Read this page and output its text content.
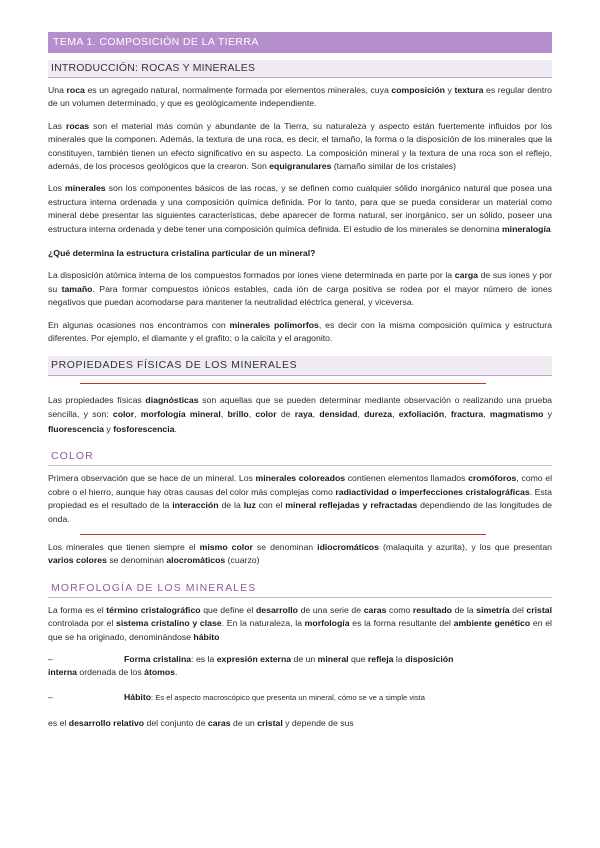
TEMA 1. COMPOSICIÓN DE LA TIERRA
INTRODUCCIÓN: ROCAS Y MINERALES

Una roca es un agregado natural, normalmente formada por elementos minerales, cuya composición y textura es regular dentro de un volumen determinado, y que es geológicamente independiente.

Las rocas son el material más común y abundante de la Tierra, su naturaleza y aspecto están fuertemente influidos por los minerales que la componen. Además, la textura de una roca, es decir, el tamaño, la forma o la disposición de los minerales que la constituyen, también tienen un efecto significativo en su aspecto. La composición mineral y la textura de una roca son el reflejo, además, de los procesos geológicos que la crearon. Son equigranulares (tamaño similar de los cristales)

Los minerales son los componentes básicos de las rocas, y se definen como cualquier sólido inorgánico natural que posea una estructura interna ordenada y una composición química definida. Por lo tanto, para que se pueda considerar un material como mineral debe presentar las siguientes características, debe aparecer de forma natural, ser inorgánico, ser un sólido, poseer una estructura interna ordenada y debe tener una composición química definida. El estudio de los minerales se denomina mineralogía

¿Qué determina la estructura cristalina particular de un mineral?

La disposición atómica interna de los compuestos formados por iones viene determinada en parte por la carga de sus iones y por su tamaño. Para formar compuestos iónicos estables, cada ión de carga positiva se rodea por el mayor número de iones negativos que puedan acomodarse para mantener la neutralidad eléctrica general, y viceversa.

En algunas ocasiones nos encontramos con minerales polimorfos, es decir con la misma composición química y estructura diferentes. Por ejemplo, el diamante y el grafito; o la calcita y el aragonito.

PROPIEDADES FÍSICAS DE LOS MINERALES

Las propiedades físicas diagnósticas son aquellas que se pueden determinar mediante observación o realizando una prueba sencilla, y son: color, morfología mineral, brillo, color de raya, densidad, dureza, exfoliación, fractura, magmatismo y fluorescencia y fosforescencia.

COLOR

Primera observación que se hace de un mineral. Los minerales coloreados contienen elementos llamados cromóforos, como el cobre o el hierro, aunque hay otras causas del color más complejas como radiactividad o imperfecciones cristalográficas. Esta propiedad es el resultado de la interacción de la luz con el mineral reflejadas y refractadas dependiendo de las longitudes de onda.

Los minerales que tienen siempre el mismo color se denominan idiocromáticos (malaquita y azurita), y los que presentan varios colores se denominan alocromáticos (cuarzo)

MORFOLOGÍA DE LOS MINERALES

La forma es el término cristalográfico que define el desarrollo de una serie de caras como resultado de la simetría del cristal controlada por el sistema cristalino y clase. En la naturaleza, la morfología es la forma resultante del ambiente genético en el que se ha originado, denominándose hábito

–	Forma cristalina: es la expresión externa de un mineral que refleja la disposición

interna ordenada de los átomos.

–	Hábito: Es el aspecto macroscópico que presenta un mineral, cómo se ve a simple vista

es el desarrollo relativo del conjunto de caras de un cristal y depende de sus
